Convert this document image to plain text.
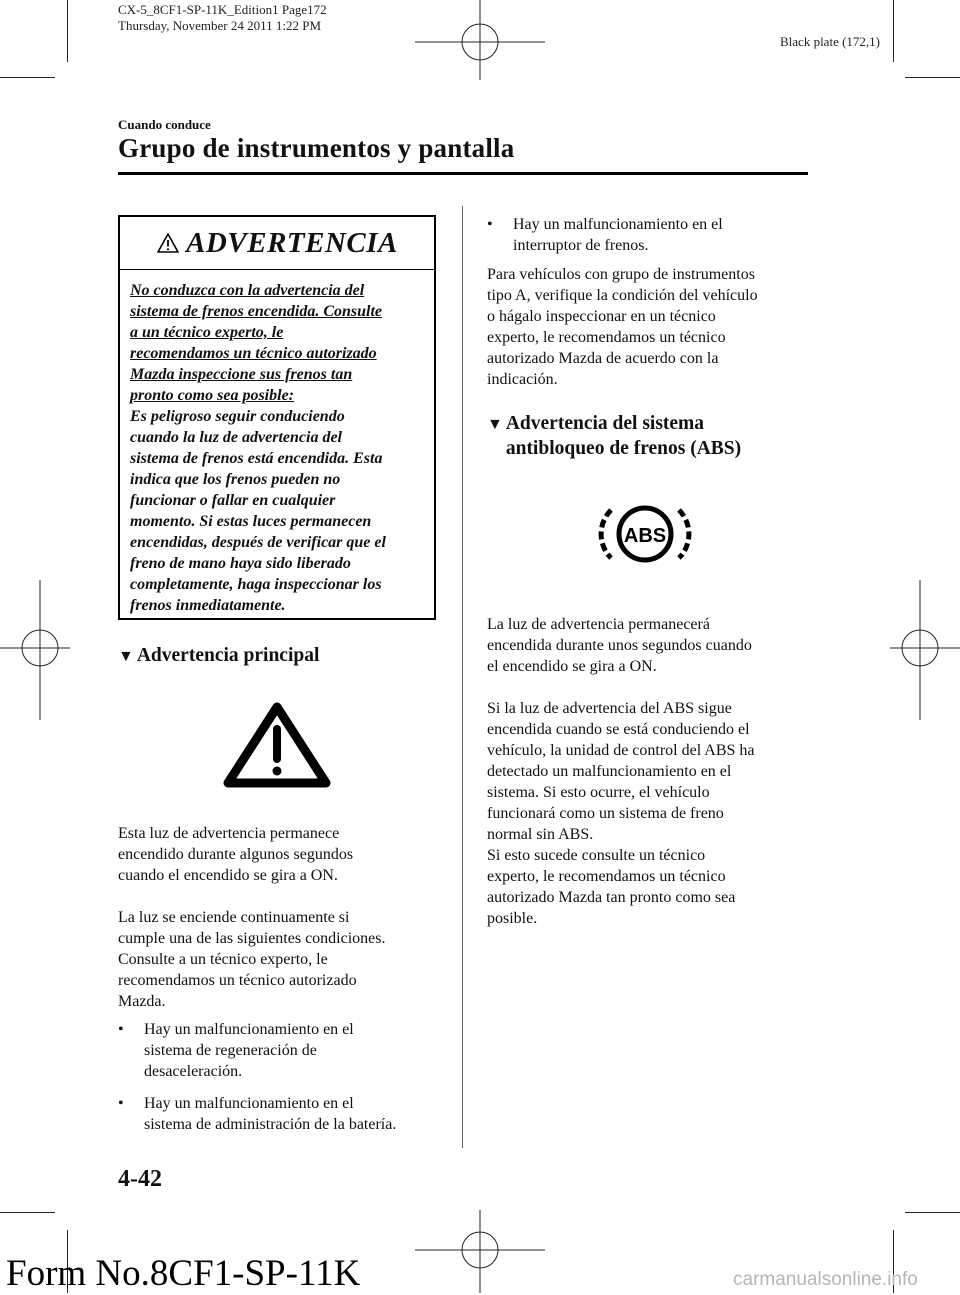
CX-5_8CF1-SP-11K_Edition1 Page172
Thursday, November 24 2011 1:22 PM
Black plate (172,1)
Cuando conduce
Grupo de instrumentos y pantalla
ADVERTENCIA
No conduzca con la advertencia del
sistema de frenos encendida. Consulte
a un técnico experto, le
recomendamos un técnico autorizado
Mazda inspeccione sus frenos tan
pronto como sea posible:
Es peligroso seguir conduciendo
cuando la luz de advertencia del
sistema de frenos está encendida. Esta
indica que los frenos pueden no
funcionar o fallar en cualquier
momento. Si estas luces permanecen
encendidas, después de verificar que el
freno de mano haya sido liberado
completamente, haga inspeccionar los
frenos inmediatamente.
▼ Advertencia principal
Esta luz de advertencia permanece
encendido durante algunos segundos
cuando el encendido se gira a ON.
La luz se enciende continuamente si
cumple una de las siguientes condiciones.
Consulte a un técnico experto, le
recomendamos un técnico autorizado
Mazda.
• Hay un malfuncionamiento en el
sistema de regeneración de
desaceleración.
• Hay un malfuncionamiento en el
sistema de administración de la batería.
• Hay un malfuncionamiento en el
interruptor de frenos.
Para vehículos con grupo de instrumentos
tipo A, verifique la condición del vehículo
o hágalo inspeccionar en un técnico
experto, le recomendamos un técnico
autorizado Mazda de acuerdo con la
indicación.
▼ Advertencia del sistema
antibloqueo de frenos (ABS)
ABS
La luz de advertencia permanecerá
encendida durante unos segundos cuando
el encendido se gira a ON.
Si la luz de advertencia del ABS sigue
encendida cuando se está conduciendo el
vehículo, la unidad de control del ABS ha
detectado un malfuncionamiento en el
sistema. Si esto ocurre, el vehículo
funcionará como un sistema de freno
normal sin ABS.
Si esto sucede consulte un técnico
experto, le recomendamos un técnico
autorizado Mazda tan pronto como sea
posible.
4-42
Form No.8CF1-SP-11K	carmanualsonline.info
